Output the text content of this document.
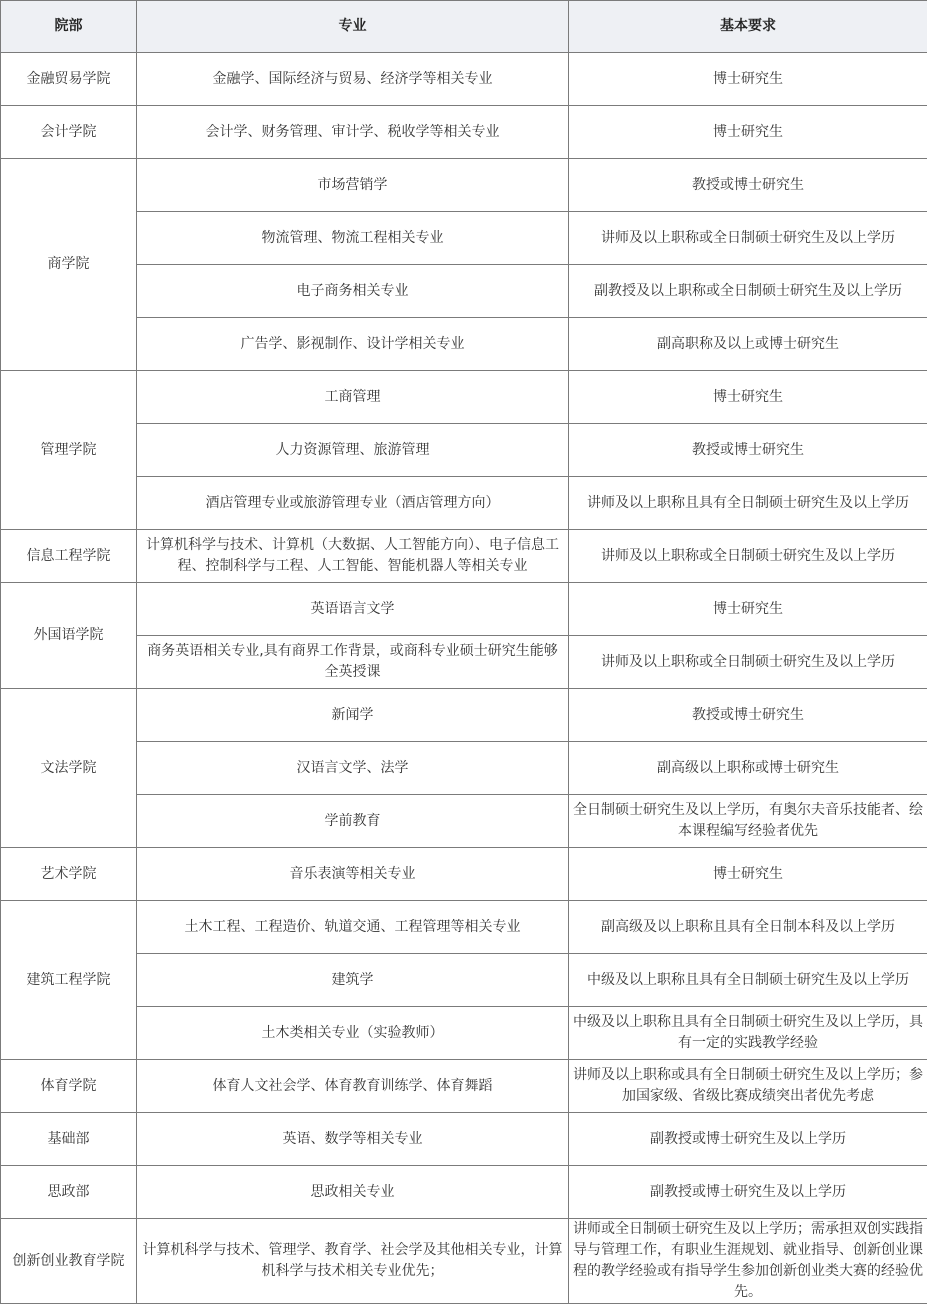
院部	专业	基本要求
金融贸易学院	金融学、国际经济与贸易、经济学等相关专业	博士研究生
会计学院	会计学、财务管理、审计学、税收学等相关专业	博士研究生
商学院	市场营销学	教授或博士研究生
	物流管理、物流工程相关专业	讲师及以上职称或全日制硕士研究生及以上学历
	电子商务相关专业	副教授及以上职称或全日制硕士研究生及以上学历
	广告学、影视制作、设计学相关专业	副高职称及以上或博士研究生
管理学院	工商管理	博士研究生
	人力资源管理、旅游管理	教授或博士研究生
	酒店管理专业或旅游管理专业（酒店管理方向）	讲师及以上职称且具有全日制硕士研究生及以上学历
信息工程学院	计算机科学与技术、计算机（大数据、人工智能方向）、电子信息工程、控制科学与工程、人工智能、智能机器人等相关专业	讲师及以上职称或全日制硕士研究生及以上学历
外国语学院	英语语言文学	博士研究生
	商务英语相关专业,具有商界工作背景，或商科专业硕士研究生能够全英授课	讲师及以上职称或全日制硕士研究生及以上学历
文法学院	新闻学	教授或博士研究生
	汉语言文学、法学	副高级以上职称或博士研究生
	学前教育	全日制硕士研究生及以上学历，有奥尔夫音乐技能者、绘本课程编写经验者优先
艺术学院	音乐表演等相关专业	博士研究生
建筑工程学院	土木工程、工程造价、轨道交通、工程管理等相关专业	副高级及以上职称且具有全日制本科及以上学历
	建筑学	中级及以上职称且具有全日制硕士研究生及以上学历
	土木类相关专业（实验教师）	中级及以上职称且具有全日制硕士研究生及以上学历，具有一定的实践教学经验
体育学院	体育人文社会学、体育教育训练学、体育舞蹈	讲师及以上职称或具有全日制硕士研究生及以上学历；参加国家级、省级比赛成绩突出者优先考虑
基础部	英语、数学等相关专业	副教授或博士研究生及以上学历
思政部	思政相关专业	副教授或博士研究生及以上学历
创新创业教育学院	计算机科学与技术、管理学、教育学、社会学及其他相关专业，计算机科学与技术相关专业优先；	讲师或全日制硕士研究生及以上学历；需承担双创实践指导与管理工作，有职业生涯规划、就业指导、创新创业课程的教学经验或有指导学生参加创新创业类大赛的经验优先。
